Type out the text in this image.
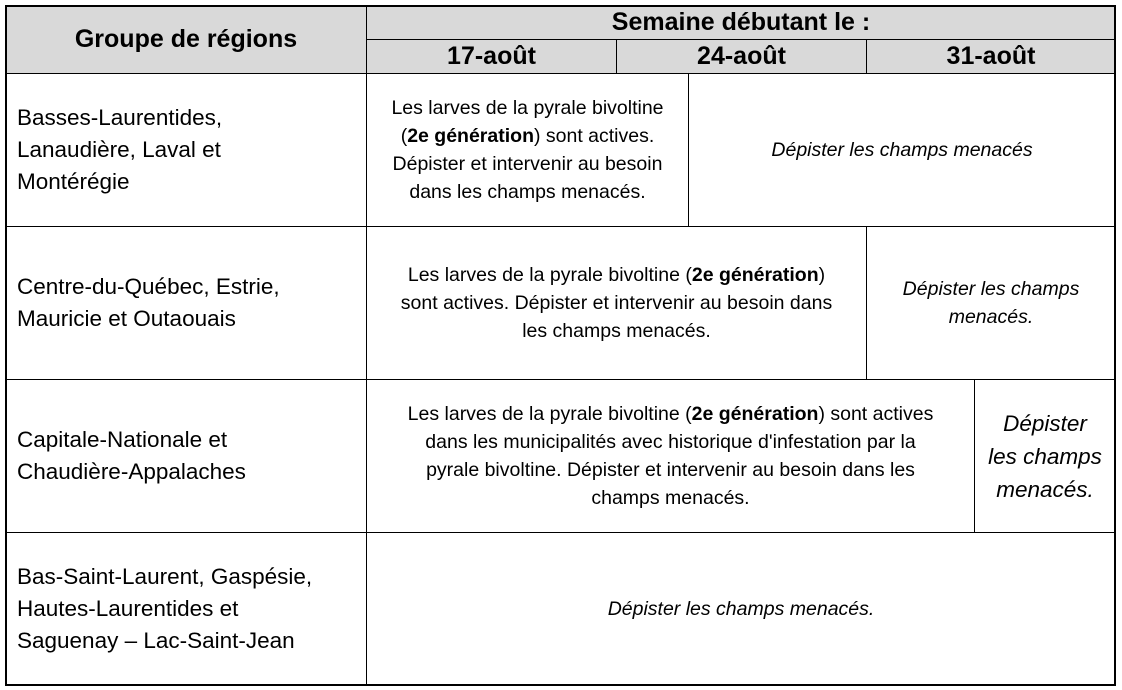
Groupe de régions
Semaine débutant le :
17-août	24-août	31-août
Basses-Laurentides,
Lanaudière, Laval et
Montérégie
Les larves de la pyrale bivoltine
(2e génération) sont actives.
Dépister et intervenir au besoin
dans les champs menacés.
Dépister les champs menacés
Centre-du-Québec, Estrie,
Mauricie et Outaouais
Les larves de la pyrale bivoltine (2e génération)
sont actives. Dépister et intervenir au besoin dans
les champs menacés.
Dépister les champs
menacés.
Capitale-Nationale et
Chaudière-Appalaches
Les larves de la pyrale bivoltine (2e génération) sont actives
dans les municipalités avec historique d'infestation par la
pyrale bivoltine. Dépister et intervenir au besoin dans les
champs menacés.
Dépister
les champs
menacés.
Bas-Saint-Laurent, Gaspésie,
Hautes-Laurentides et
Saguenay – Lac-Saint-Jean
Dépister les champs menacés.
